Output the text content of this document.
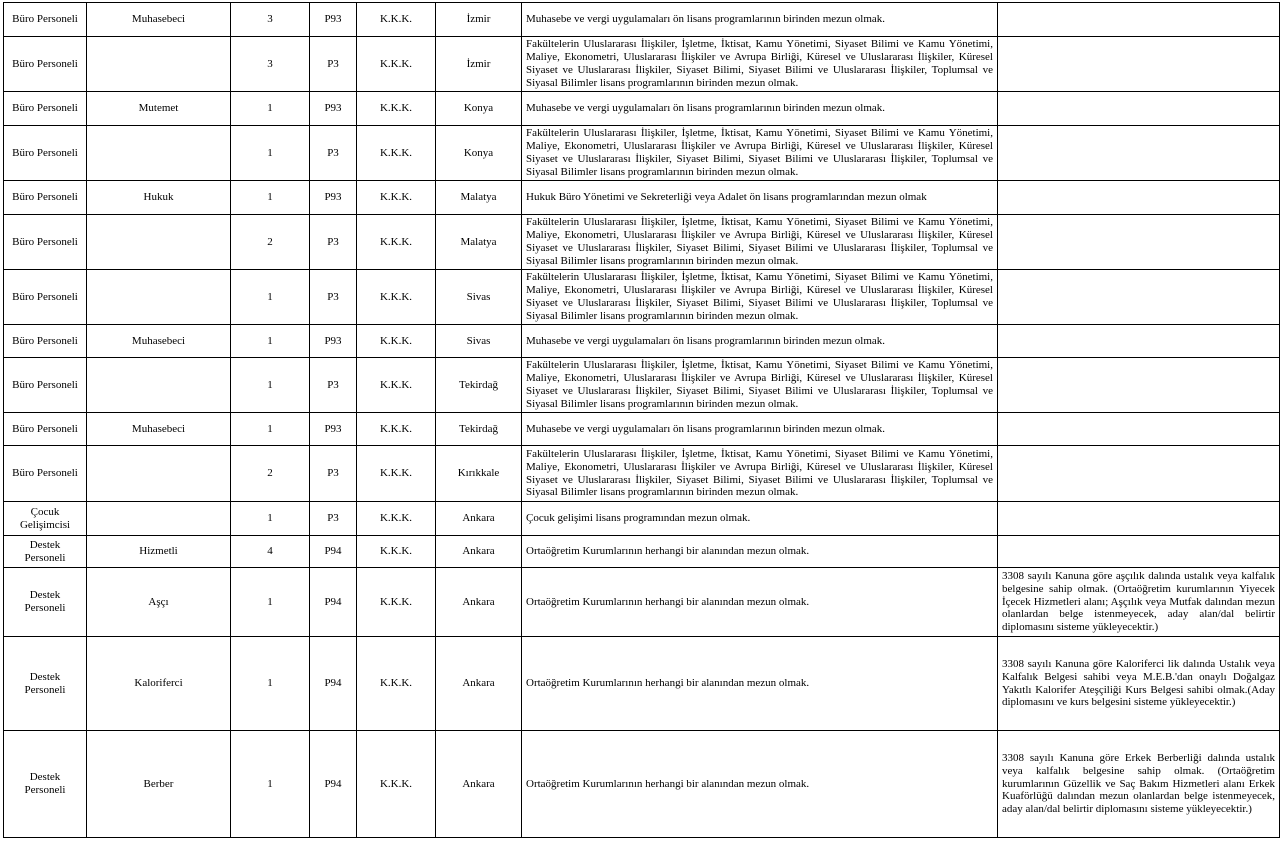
Büro Personeli	Muhasebeci	3	P93	K.K.K.	İzmir	Muhasebe ve vergi uygulamaları ön lisans programlarının birinden mezun olmak.	
Büro Personeli		3	P3	K.K.K.	İzmir	Fakültelerin Uluslararası İlişkiler, İşletme, İktisat, Kamu Yönetimi, Siyaset Bilimi ve Kamu Yönetimi, Maliye, Ekonometri, Uluslararası İlişkiler ve Avrupa Birliği, Küresel ve Uluslararası İlişkiler, Küresel Siyaset ve Uluslararası İlişkiler, Siyaset Bilimi, Siyaset Bilimi ve Uluslararası İlişkiler, Toplumsal ve Siyasal Bilimler lisans programlarının birinden mezun olmak.	
Büro Personeli	Mutemet	1	P93	K.K.K.	Konya	Muhasebe ve vergi uygulamaları ön lisans programlarının birinden mezun olmak.	
Büro Personeli		1	P3	K.K.K.	Konya	Fakültelerin Uluslararası İlişkiler, İşletme, İktisat, Kamu Yönetimi, Siyaset Bilimi ve Kamu Yönetimi, Maliye, Ekonometri, Uluslararası İlişkiler ve Avrupa Birliği, Küresel ve Uluslararası İlişkiler, Küresel Siyaset ve Uluslararası İlişkiler, Siyaset Bilimi, Siyaset Bilimi ve Uluslararası İlişkiler, Toplumsal ve Siyasal Bilimler lisans programlarının birinden mezun olmak.	
Büro Personeli	Hukuk	1	P93	K.K.K.	Malatya	Hukuk Büro Yönetimi ve Sekreterliği veya Adalet ön lisans programlarından mezun olmak	
Büro Personeli		2	P3	K.K.K.	Malatya	Fakültelerin Uluslararası İlişkiler, İşletme, İktisat, Kamu Yönetimi, Siyaset Bilimi ve Kamu Yönetimi, Maliye, Ekonometri, Uluslararası İlişkiler ve Avrupa Birliği, Küresel ve Uluslararası İlişkiler, Küresel Siyaset ve Uluslararası İlişkiler, Siyaset Bilimi, Siyaset Bilimi ve Uluslararası İlişkiler, Toplumsal ve Siyasal Bilimler lisans programlarının birinden mezun olmak.	
Büro Personeli		1	P3	K.K.K.	Sivas	Fakültelerin Uluslararası İlişkiler, İşletme, İktisat, Kamu Yönetimi, Siyaset Bilimi ve Kamu Yönetimi, Maliye, Ekonometri, Uluslararası İlişkiler ve Avrupa Birliği, Küresel ve Uluslararası İlişkiler, Küresel Siyaset ve Uluslararası İlişkiler, Siyaset Bilimi, Siyaset Bilimi ve Uluslararası İlişkiler, Toplumsal ve Siyasal Bilimler lisans programlarının birinden mezun olmak.	
Büro Personeli	Muhasebeci	1	P93	K.K.K.	Sivas	Muhasebe ve vergi uygulamaları ön lisans programlarının birinden mezun olmak.	
Büro Personeli		1	P3	K.K.K.	Tekirdağ	Fakültelerin Uluslararası İlişkiler, İşletme, İktisat, Kamu Yönetimi, Siyaset Bilimi ve Kamu Yönetimi, Maliye, Ekonometri, Uluslararası İlişkiler ve Avrupa Birliği, Küresel ve Uluslararası İlişkiler, Küresel Siyaset ve Uluslararası İlişkiler, Siyaset Bilimi, Siyaset Bilimi ve Uluslararası İlişkiler, Toplumsal ve Siyasal Bilimler lisans programlarının birinden mezun olmak.	
Büro Personeli	Muhasebeci	1	P93	K.K.K.	Tekirdağ	Muhasebe ve vergi uygulamaları ön lisans programlarının birinden mezun olmak.	
Büro Personeli		2	P3	K.K.K.	Kırıkkale	Fakültelerin Uluslararası İlişkiler, İşletme, İktisat, Kamu Yönetimi, Siyaset Bilimi ve Kamu Yönetimi, Maliye, Ekonometri, Uluslararası İlişkiler ve Avrupa Birliği, Küresel ve Uluslararası İlişkiler, Küresel Siyaset ve Uluslararası İlişkiler, Siyaset Bilimi, Siyaset Bilimi ve Uluslararası İlişkiler, Toplumsal ve Siyasal Bilimler lisans programlarının birinden mezun olmak.	
Çocuk Gelişimcisi		1	P3	K.K.K.	Ankara	Çocuk gelişimi lisans programından mezun olmak.	
Destek Personeli	Hizmetli	4	P94	K.K.K.	Ankara	Ortaöğretim Kurumlarının herhangi bir alanından mezun olmak.	
Destek Personeli	Aşçı	1	P94	K.K.K.	Ankara	Ortaöğretim Kurumlarının herhangi bir alanından mezun olmak.	3308 sayılı Kanuna göre aşçılık dalında ustalık veya kalfalık belgesine sahip olmak. (Ortaöğretim kurumlarının Yiyecek İçecek Hizmetleri alanı; Aşçılık veya Mutfak dalından mezun olanlardan belge istenmeyecek, aday alan/dal belirtir diplomasını sisteme yükleyecektir.)
Destek Personeli	Kaloriferci	1	P94	K.K.K.	Ankara	Ortaöğretim Kurumlarının herhangi bir alanından mezun olmak.	3308 sayılı Kanuna göre Kaloriferci lik dalında Ustalık veya Kalfalık Belgesi sahibi veya M.E.B.'dan onaylı Doğalgaz Yakıtlı Kalorifer Ateşçiliği Kurs Belgesi sahibi olmak.(Aday diplomasını ve kurs belgesini sisteme yükleyecektir.)
Destek Personeli	Berber	1	P94	K.K.K.	Ankara	Ortaöğretim Kurumlarının herhangi bir alanından mezun olmak.	3308 sayılı Kanuna göre Erkek Berberliği dalında ustalık veya kalfalık belgesine sahip olmak. (Ortaöğretim kurumlarının Güzellik ve Saç Bakım Hizmetleri alanı Erkek Kuaförlüğü dalından mezun olanlardan belge istenmeyecek, aday alan/dal belirtir diplomasını sisteme yükleyecektir.)
